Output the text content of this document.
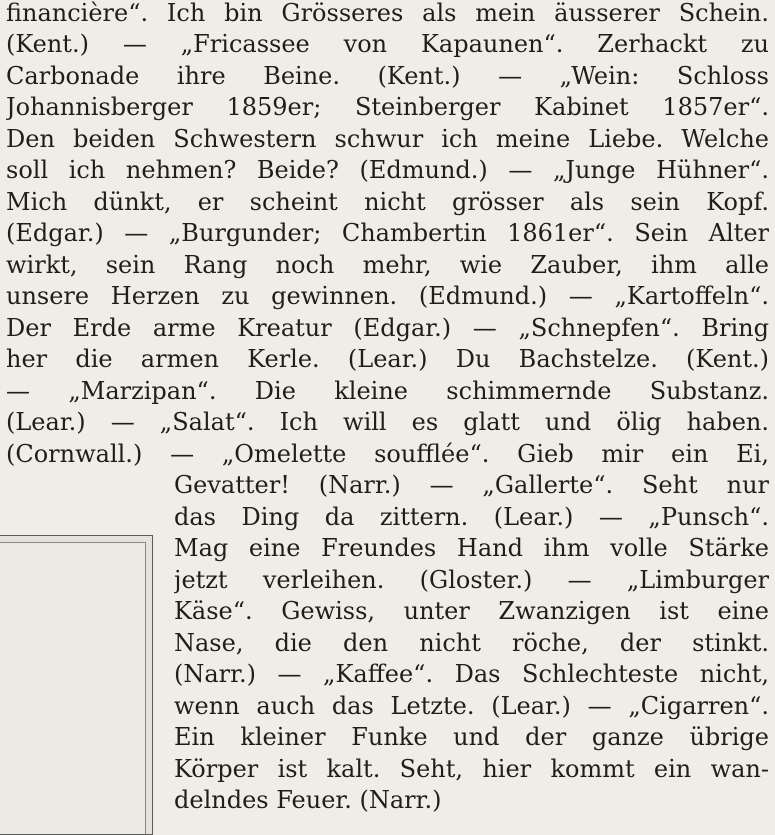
financière“. Ich bin Grösseres als mein äusserer Schein.

(Kent.) — „Fricassee von Kapaunen“. Zerhackt zu

Carbonade ihre Beine. (Kent.) — „Wein: Schloss

Johannisberger 1859er; Steinberger Kabinet 1857er“.

Den beiden Schwestern schwur ich meine Liebe. Welche

soll ich nehmen? Beide? (Edmund.) — „Junge Hühner“.

Mich dünkt, er scheint nicht grösser als sein Kopf.

(Edgar.) — „Burgunder; Chambertin 1861er“. Sein Alter

wirkt, sein Rang noch mehr, wie Zauber, ihm alle

unsere Herzen zu gewinnen. (Edmund.) — „Kartoffeln“.

Der Erde arme Kreatur (Edgar.) — „Schnepfen“. Bring

her die armen Kerle. (Lear.) Du Bachstelze. (Kent.)

— „Marzipan“. Die kleine schimmernde Substanz.

(Lear.) — „Salat“. Ich will es glatt und ölig haben.

(Cornwall.) — „Omelette soufflée“. Gieb mir ein Ei,

Gevatter! (Narr.) — „Gallerte“. Seht nur

das Ding da zittern. (Lear.) — „Punsch“.

Mag eine Freundes Hand ihm volle Stärke

jetzt verleihen. (Gloster.) — „Limburger

Käse“. Gewiss, unter Zwanzigen ist eine

Nase, die den nicht röche, der stinkt.

(Narr.) — „Kaffee“. Das Schlechteste nicht,

wenn auch das Letzte. (Lear.) — „Cigarren“.

Ein kleiner Funke und der ganze übrige

Körper ist kalt. Seht, hier kommt ein wan-

delndes Feuer. (Narr.)
